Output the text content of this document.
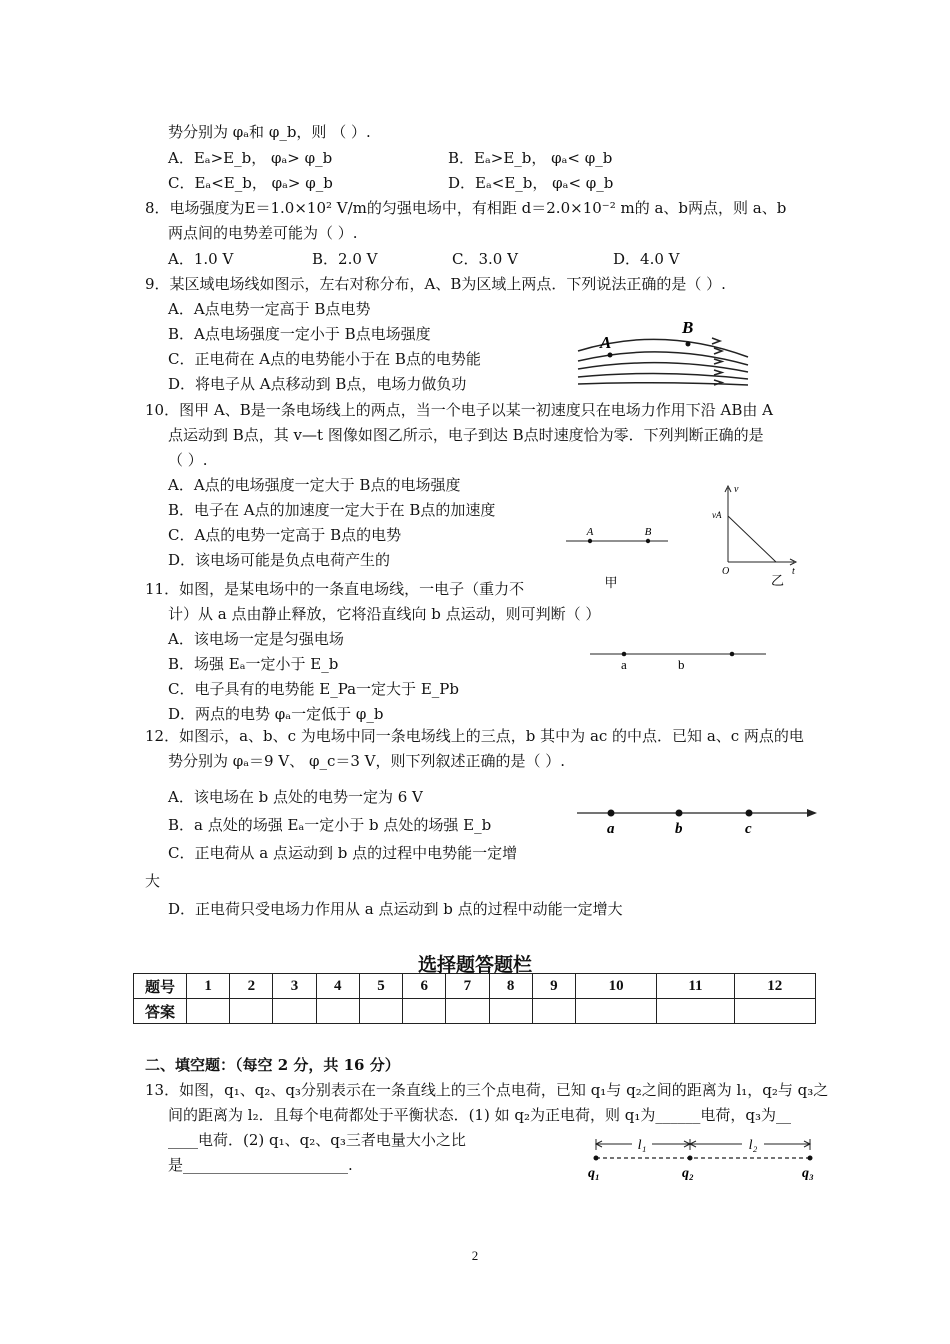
势分别为 φₐ和 φ_b，则 （ ）.
A．Eₐ>E_b， φₐ> φ_b	B．Eₐ>E_b， φₐ< φ_b
C．Eₐ<E_b， φₐ> φ_b	D．Eₐ<E_b， φₐ< φ_b
8．电场强度为E＝1.0×10² V/m的匀强电场中，有相距 d＝2.0×10⁻² m的 a、b两点，则 a、b
两点间的电势差可能为（ ）.
A．1.0 V	B．2.0 V	C．3.0 V	D．4.0 V
9．某区域电场线如图示，左右对称分布，A、B为区域上两点．下列说法正确的是（ ）.
A．A点电势一定高于 B点电势
B．A点电场强度一定小于 B点电场强度
C．正电荷在 A点的电势能小于在 B点的电势能
D．将电子从 A点移动到 B点，电场力做负功
A
B
10．图甲 A、B是一条电场线上的两点，当一个电子以某一初速度只在电场力作用下沿 AB由 A
点运动到 B点，其 v—t 图像如图乙所示，电子到达 B点时速度恰为零．下列判断正确的是
（ ）.
A．A点的电场强度一定大于 B点的电场强度
B．电子在 A点的加速度一定大于在 B点的加速度
C．A点的电势一定高于 B点的电势
D．该电场可能是负点电荷产生的
A	B
甲
v
vA
O	t
乙
11．如图，是某电场中的一条直电场线，一电子（重力不
计）从 a 点由静止释放，它将沿直线向 b 点运动，则可判断（ ）
A．该电场一定是匀强电场
B．场强 Eₐ一定小于 E_b
C．电子具有的电势能 E_Pa一定大于 E_Pb
D．两点的电势 φₐ一定低于 φ_b
a	b
12．如图示，a、b、c 为电场中同一条电场线上的三点，b 其中为 ac 的中点．已知 a、c 两点的电
势分别为 φₐ＝9 V、 φ_c＝3 V，则下列叙述正确的是（ ）.
A．该电场在 b 点处的电势一定为 6 V
B．a 点处的场强 Eₐ一定小于 b 点处的场强 E_b
C．正电荷从 a 点运动到 b 点的过程中电势能一定增
大
D．正电荷只受电场力作用从 a 点运动到 b 点的过程中动能一定增大
a	b	c
选择题答题栏
题号	1	2	3	4	5	6	7	8	9	10	11	12
答案												
二、填空题：（每空 2 分，共 16 分）
13．如图，q₁、q₂、q₃分别表示在一条直线上的三个点电荷，已知 q₁与 q₂之间的距离为 l₁，q₂与 q₃之
间的距离为 l₂．且每个电荷都处于平衡状态．(1) 如 q₂为正电荷，则 q₁为______电荷，q₃为__
____电荷．(2) q₁、q₂、q₃三者电量大小之比
是______________________.
l₁	l₂
q₁	q₂	q₃
2
